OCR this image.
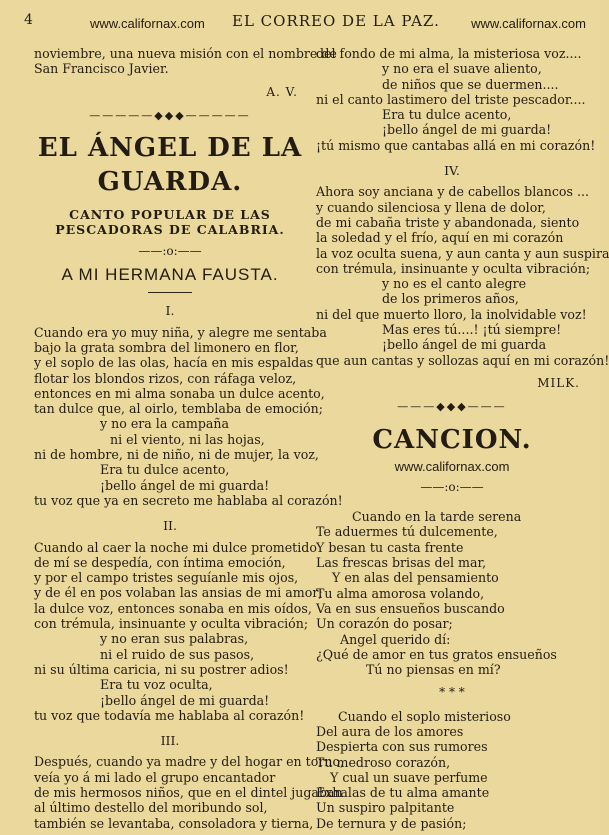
4	www.californax.com EL CORREO DE LA PAZ. www.californax.com
noviembre, una nueva misión con el nombre de
San Francisco Javier.
A. V.
—————◆◆◆—————
EL ÁNGEL DE LA GUARDA.
CANTO POPULAR DE LAS PESCADORAS DE CALABRIA.
——:o:——
A MI HERMANA FAUSTA.
I.
Cuando era yo muy niña, y alegre me sentaba
bajo la grata sombra del limonero en flor,
y el soplo de las olas, hacía en mis espaldas
flotar los blondos rizos, con ráfaga veloz,
entonces en mi alma sonaba un dulce acento,
tan dulce que, al oirlo, temblaba de emoción;
y no era la campaña
ni el viento, ni las hojas,
ni de hombre, ni de niño, ni de mujer, la voz,
Era tu dulce acento,
¡bello ángel de mi guarda!
tu voz que ya en secreto me hablaba al corazón!
II.
Cuando al caer la noche mi dulce prometido
de mí se despedía, con íntima emoción,
y por el campo tristes seguíanle mis ojos,
y de él en pos volaban las ansias de mi amor;
la dulce voz, entonces sonaba en mis oídos,
con trémula, insinuante y oculta vibración;
y no eran sus palabras,
ni el ruido de sus pasos,
ni su última caricia, ni su postrer adios!
Era tu voz oculta,
¡bello ángel de mi guarda!
tu voz que todavía me hablaba al corazón!
III.
Después, cuando ya madre y del hogar en torno,
veía yo á mi lado el grupo encantador
de mis hermosos niños, que en el dintel jugaban
al último destello del moribundo sol,
también se levantaba, consoladora y tierna,
del fondo de mi alma, la misteriosa voz....
y no era el suave aliento,
de niños que se duermen....
ni el canto lastimero del triste pescador....
Era tu dulce acento,
¡bello ángel de mi guarda!
¡tú mismo que cantabas allá en mi corazón!
IV.
Ahora soy anciana y de cabellos blancos ...
y cuando silenciosa y llena de dolor,
de mi cabaña triste y abandonada, siento
la soledad y el frío, aquí en mi corazón
la voz oculta suena, y aun canta y aun suspira
con trémula, insinuante y oculta vibración;
y no es el canto alegre
de los primeros años,
ni del que muerto lloro, la inolvidable voz!
Mas eres tú....! ¡tú siempre!
¡bello ángel de mi guarda
que aun cantas y sollozas aquí en mi corazón!
MILK.
———◆◆◆———
CANCION.
www.californax.com
——:o:——
Cuando en la tarde serena
Te aduermes tú dulcemente,
Y besan tu casta frente
Las frescas brisas del mar,
Y en alas del pensamiento
Tu alma amorosa volando,
Va en sus ensueños buscando
Un corazón do posar;
Angel querido dí:
¿Qué de amor en tus gratos ensueños
Tú no piensas en mí?
* * *
Cuando el soplo misterioso
Del aura de los amores
Despierta con sus rumores
Tu medroso corazón,
Y cual un suave perfume
Exhalas de tu alma amante
Un suspiro palpitante
De ternura y de pasión;
